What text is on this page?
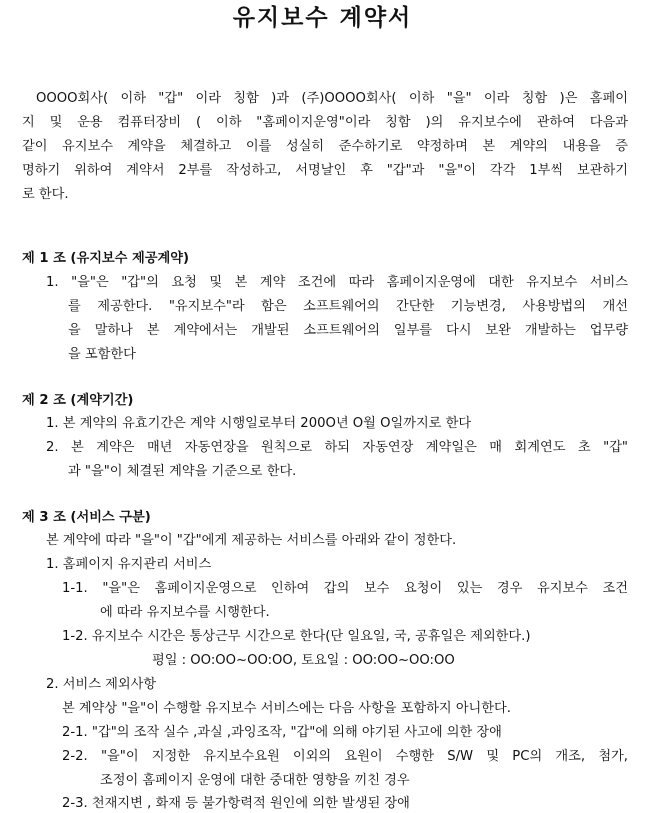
유지보수 계약서
OOOO회사( 이하 "갑" 이라 칭함 )과 (주)OOOO회사( 이하 "을" 이라 칭함 )은 홈페이
지 및 운용 컴퓨터장비 ( 이하 "홈페이지운영"이라 칭함 )의 유지보수에 관하여 다음과
같이 유지보수 계약을 체결하고 이를 성실히 준수하기로 약정하며 본 계약의 내용을 증
명하기 위하여 계약서 2부를 작성하고, 서명날인 후 "갑"과 "을"이 각각 1부씩 보관하기
로 한다.
제 1 조 (유지보수 제공계약)
1. "을"은 "갑"의 요청 및 본 계약 조건에 따라 홈페이지운영에 대한 유지보수 서비스
를 제공한다. "유지보수"라 함은 소프트웨어의 간단한 기능변경, 사용방법의 개선
을 말하나 본 계약에서는 개발된 소프트웨어의 일부를 다시 보완 개발하는 업무량
을 포함한다
제 2 조 (계약기간)
1. 본 계약의 유효기간은 계약 시행일로부터 200O년 O월 O일까지로 한다
2. 본 계약은 매년 자동연장을 원칙으로 하되 자동연장 계약일은 매 회계연도 초 "갑"
과 "을"이 체결된 계약을 기준으로 한다.
제 3 조 (서비스 구분)
본 계약에 따라 "을"이 "갑"에게 제공하는 서비스를 아래와 같이 정한다.
1. 홈페이지 유지관리 서비스
1-1. "을"은 홈페이지운영으로 인하여 갑의 보수 요청이 있는 경우 유지보수 조건
에 따라 유지보수를 시행한다.
1-2. 유지보수 시간은 통상근무 시간으로 한다(단 일요일, 국, 공휴일은 제외한다.)
평일 : OO:OO~OO:OO, 토요일 : OO:OO~OO:OO
2. 서비스 제외사항
본 계약상 "을"이 수행할 유지보수 서비스에는 다음 사항을 포함하지 아니한다.
2-1. "갑"의 조작 실수 ,과실 ,과잉조작, "갑"에 의해 야기된 사고에 의한 장애
2-2. "을"이 지정한 유지보수요원 이외의 요원이 수행한 S/W 및 PC의 개조, 첨가,
조정이 홈페이지 운영에 대한 중대한 영향을 끼친 경우
2-3. 천재지변 , 화재 등 불가항력적 원인에 의한 발생된 장애
